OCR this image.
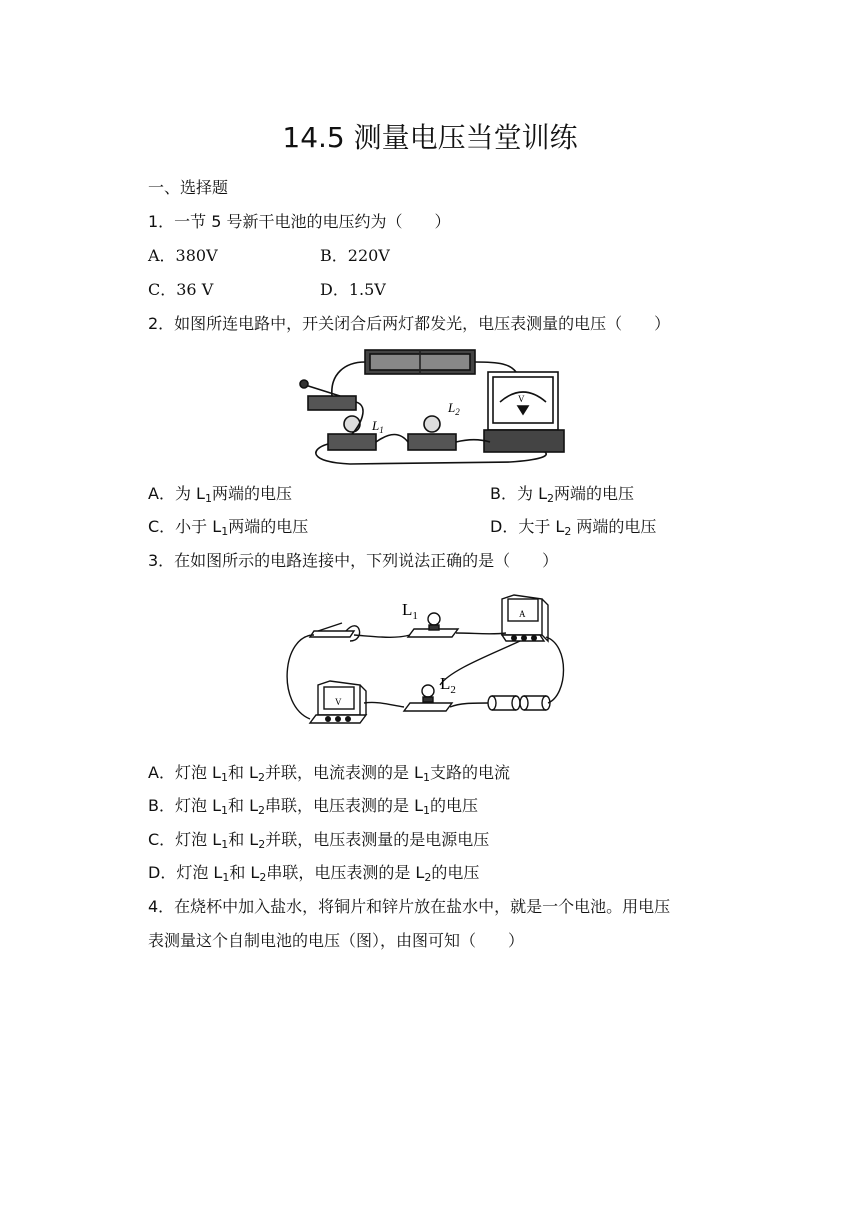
14.5 测量电压当堂训练
一、选择题
1．一节 5 号新干电池的电压约为（　　）
A．380V	B．220V
C．36 V	D．1.5V
2．如图所连电路中，开关闭合后两灯都发光，电压表测量的电压（　　）
$L_1$
$L_2$
V
A．为 $L_1$两端的电压	B．为 $L_2$两端的电压
C．小于 $L_1$两端的电压	D．大于 $L_2$ 两端的电压
3．在如图所示的电路连接中，下列说法正确的是（　　）
$L_1$
$L_2$
A
V
A．灯泡 $L_1$和 $L_2$并联，电流表测的是 $L_1$支路的电流
B．灯泡 $L_1$和 $L_2$串联，电压表测的是 $L_1$的电压
C．灯泡 $L_1$和 $L_2$并联，电压表测量的是电源电压
D．灯泡 $L_1$和 $L_2$串联，电压表测的是 $L_2$的电压
4．在烧杯中加入盐水，将铜片和锌片放在盐水中，就是一个电池。用电压
表测量这个自制电池的电压（图），由图可知（　　）
